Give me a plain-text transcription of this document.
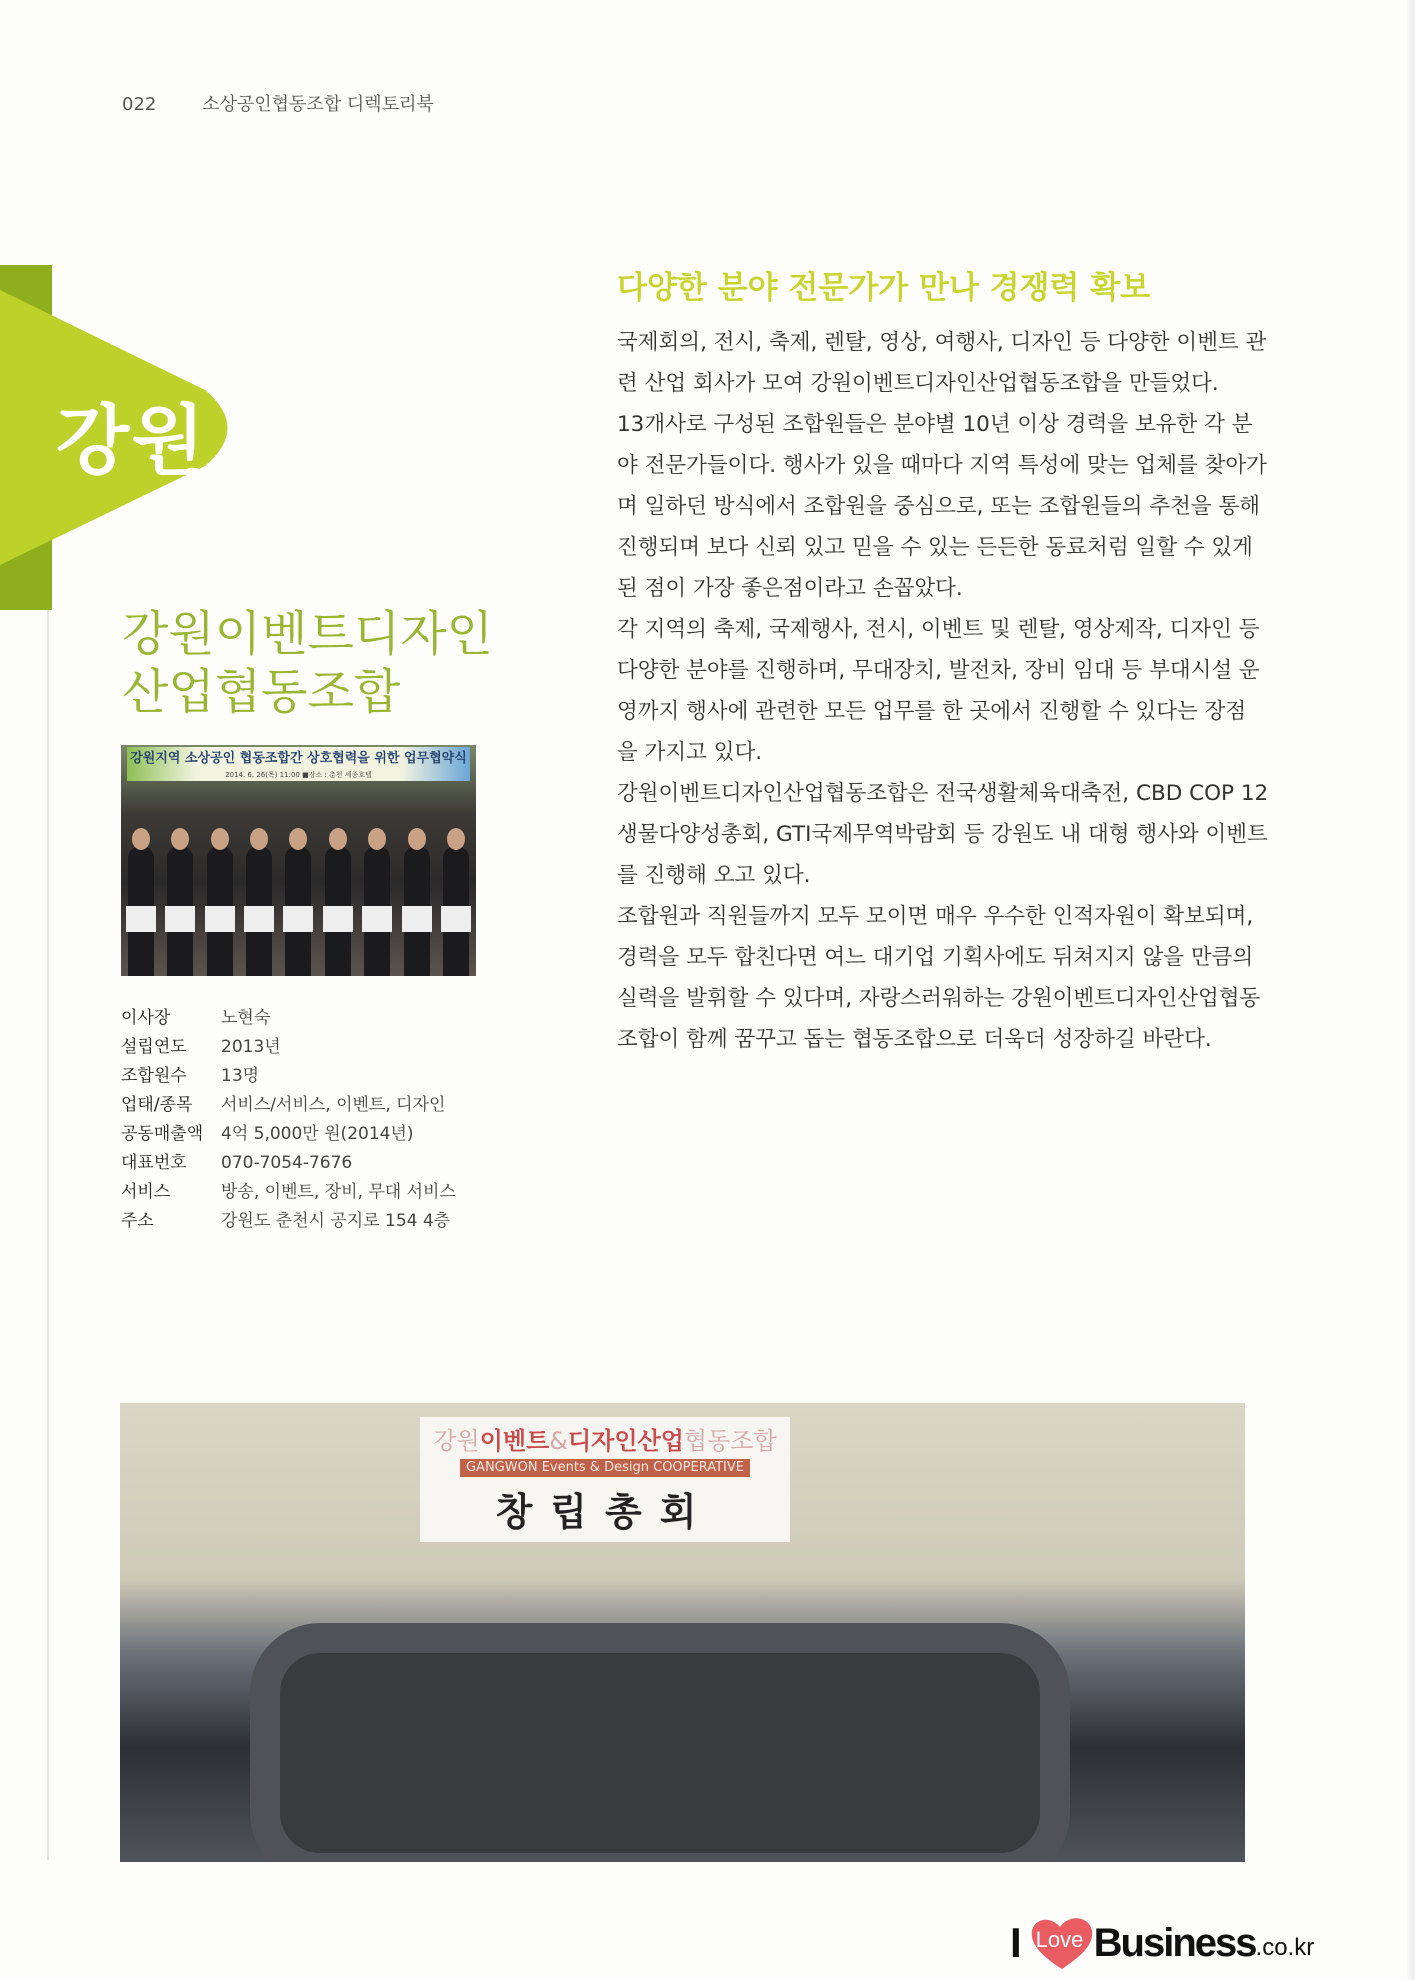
022	소상공인협동조합 디렉토리북
강원
강원이벤트디자인
산업협동조합
강원지역 소상공인 협동조합간 상호협력을 위한 업무협약식
2014. 6. 26(목) 11:00 ■장소 : 춘천 세종호텔
이사장	노현숙
설립연도	2013년
조합원수	13명
업태/종목	서비스/서비스, 이벤트, 디자인
공동매출액	4억 5,000만 원(2014년)
대표번호	070-7054-7676
서비스	방송, 이벤트, 장비, 무대 서비스
주소	강원도 춘천시 공지로 154 4층
다양한 분야 전문가가 만나 경쟁력 확보
국제회의, 전시, 축제, 렌탈, 영상, 여행사, 디자인 등 다양한 이벤트 관
련 산업 회사가 모여 강원이벤트디자인산업협동조합을 만들었다.
13개사로 구성된 조합원들은 분야별 10년 이상 경력을 보유한 각 분
야 전문가들이다. 행사가 있을 때마다 지역 특성에 맞는 업체를 찾아가
며 일하던 방식에서 조합원을 중심으로, 또는 조합원들의 추천을 통해
진행되며 보다 신뢰 있고 믿을 수 있는 든든한 동료처럼 일할 수 있게
된 점이 가장 좋은점이라고 손꼽았다.
각 지역의 축제, 국제행사, 전시, 이벤트 및 렌탈, 영상제작, 디자인 등
다양한 분야를 진행하며, 무대장치, 발전차, 장비 임대 등 부대시설 운
영까지 행사에 관련한 모든 업무를 한 곳에서 진행할 수 있다는 장점
을 가지고 있다.
강원이벤트디자인산업협동조합은 전국생활체육대축전, CBD COP 12
생물다양성총회, GTI국제무역박람회 등 강원도 내 대형 행사와 이벤트
를 진행해 오고 있다.
조합원과 직원들까지 모두 모이면 매우 우수한 인적자원이 확보되며,
경력을 모두 합친다면 여느 대기업 기획사에도 뒤쳐지지 않을 만큼의
실력을 발휘할 수 있다며, 자랑스러워하는 강원이벤트디자인산업협동
조합이 함께 꿈꾸고 돕는 협동조합으로 더욱더 성장하길 바란다.
강원이벤트&디자인산업협동조합
GANGWON Events & Design COOPERATIVE
창립총회
I Love Business .co.kr
